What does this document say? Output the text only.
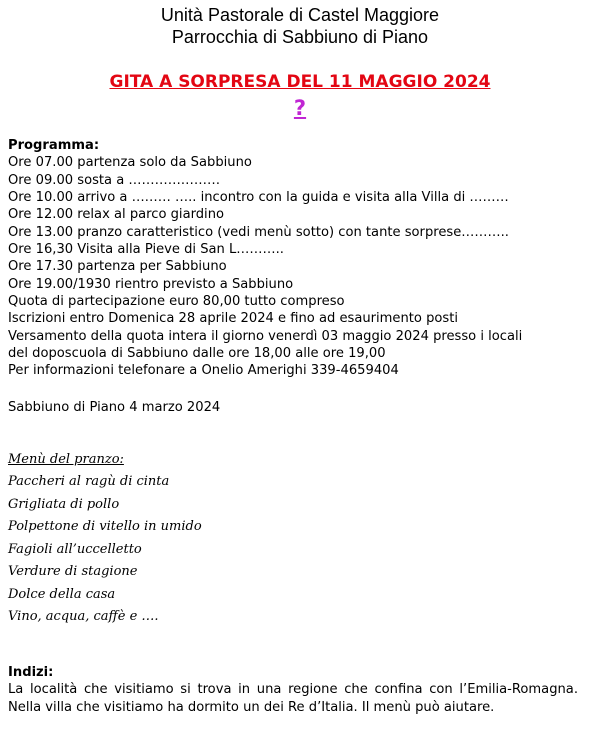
Unità Pastorale di Castel Maggiore
Parrocchia di Sabbiuno di Piano
GITA A SORPRESA DEL 11 MAGGIO 2024
?
Programma:
Ore 07.00 partenza solo da Sabbiuno
Ore 09.00 sosta a …………………
Ore 10.00 arrivo a ……… ….. incontro con la guida e visita alla Villa di ………
Ore 12.00 relax al parco giardino
Ore 13.00 pranzo caratteristico (vedi menù sotto) con tante sorprese………..
Ore 16,30 Visita alla Pieve di San L………..
Ore 17.30 partenza per Sabbiuno
Ore 19.00/1930 rientro previsto a Sabbiuno
Quota di partecipazione euro 80,00 tutto compreso
Iscrizioni entro Domenica 28 aprile 2024 e fino ad esaurimento posti
Versamento della quota intera il giorno venerdì 03 maggio 2024 presso i locali
del doposcuola di Sabbiuno dalle ore 18,00 alle ore 19,00
Per informazioni telefonare a Onelio Amerighi 339-4659404
Sabbiuno di Piano 4 marzo 2024
Menù del pranzo:
Paccheri al ragù di cinta
Grigliata di pollo
Polpettone di vitello in umido
Fagioli all’uccelletto
Verdure di stagione
Dolce della casa
Vino, acqua, caffè e ….
Indizi:
La località che visitiamo si trova in una regione che confina con l’Emilia-Romagna. Nella villa che visitiamo ha dormito un dei Re d’Italia. Il menù può aiutare.
